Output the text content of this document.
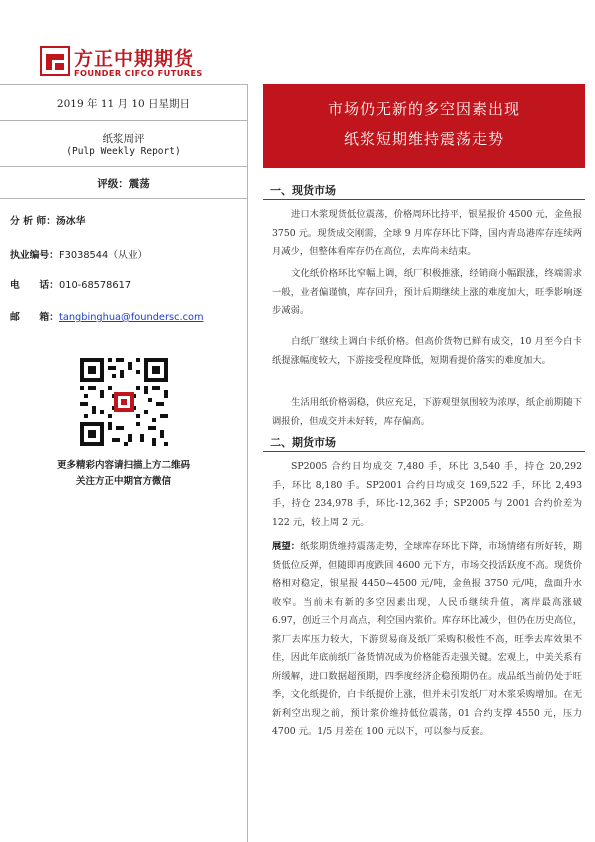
方正中期期货
FOUNDER CIFCO FUTURES
2019 年 11 月 10 日星期日
纸浆周评
(Pulp Weekly Report)
评级：震荡
分 析 师：汤冰华
执业编号：F3038544（从业）
电　　话：010-68578617
邮　　箱：tangbinghua@foundersc.com
更多精彩内容请扫描上方二维码
关注方正中期官方微信
市场仍无新的多空因素出现
纸浆短期维持震荡走势
一、现货市场
进口木浆现货低位震荡，价格周环比持平，银星报价 4500 元，金鱼报 3750 元。现货成交刚需，全球 9 月库存环比下降，国内青岛港库存连续两月减少，但整体看库存仍在高位，去库尚未结束。
文化纸价格环比窄幅上调，纸厂积极推涨，经销商小幅跟涨，终端需求一般，业者偏谨慎，库存回升，预计后期继续上涨的难度加大，旺季影响逐步减弱。
白纸厂继续上调白卡纸价格。但高价货物已鲜有成交，10 月至今白卡纸提涨幅度较大，下游接受程度降低，短期看提价落实的难度加大。
生活用纸价格弱稳，供应充足，下游观望氛围较为浓厚，纸企前期随下调报价，但成交并未好转，库存偏高。
二、期货市场
SP2005 合约日均成交 7,480 手，环比 3,540 手，持仓 20,292 手，环比 8,180 手。SP2001 合约日均成交 169,522 手，环比 2,493 手，持仓 234,978 手，环比-12,362 手；SP2005 与 2001 合约价差为 122 元，较上周 2 元。
展望：纸浆期货维持震荡走势，全球库存环比下降，市场情绪有所好转，期货低位反弹，但随即再度跌回 4600 元下方，市场交投活跃度不高。现货价格相对稳定，银星报 4450~4500 元/吨，金鱼报 3750 元/吨，盘面升水收窄。当前未有新的多空因素出现，人民币继续升值，离岸最高涨破 6.97，创近三个月高点，利空国内浆价。库存环比减少，但仍在历史高位，浆厂去库压力较大，下游贸易商及纸厂采购积极性不高，旺季去库效果不佳，因此年底前纸厂备货情况成为价格能否走强关键。宏观上，中美关系有所缓解，进口数据超预期，四季度经济企稳预期仍在。成品纸当前仍处于旺季，文化纸提价，白卡纸提价上涨，但并未引发纸厂对木浆采购增加。在无新利空出现之前，预计浆价维持低位震荡，01 合约支撑 4550 元，压力 4700 元。1/5 月差在 100 元以下，可以参与反套。
